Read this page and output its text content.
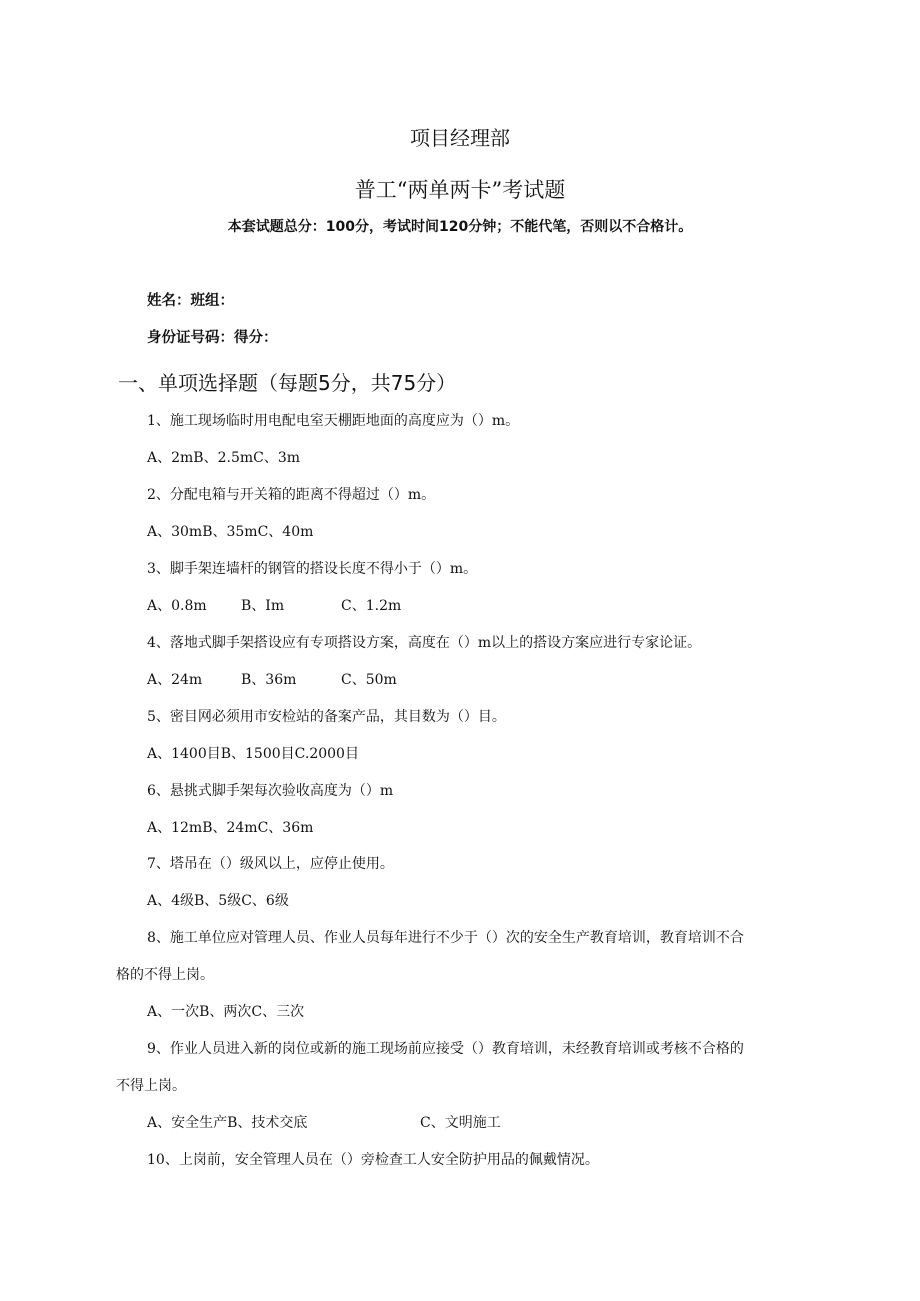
项目经理部
普工“两单两卡”考试题
本套试题总分：100分，考试时间120分钟；不能代笔，否则以不合格计。
姓名：班组：
身份证号码：得分：
一、单项选择题（每题5分，共75分）
1、施工现场临时用电配电室天棚距地面的高度应为（）m。
A、2mB、2.5mC、3m
2、分配电箱与开关箱的距离不得超过（）m。
A、30mB、35mC、40m
3、脚手架连墙杆的钢管的搭设长度不得小于（）m。
A、0.8m B、Im	C、1.2m
4、落地式脚手架搭设应有专项搭设方案，高度在（）m以上的搭设方案应进行专家论证。
A、24m	B、36m	C、50m
5、密目网必须用市安检站的备案产品，其目数为（）目。
A、1400目B、1500目C.2000目
6、悬挑式脚手架每次验收高度为（）m
A、12mB、24mC、36m
7、塔吊在（）级风以上，应停止使用。
A、4级B、5级C、6级
8、施工单位应对管理人员、作业人员每年进行不少于（）次的安全生产教育培训，教育培训不合
格的不得上岗。
A、一次B、两次C、三次
9、作业人员进入新的岗位或新的施工现场前应接受（）教育培训，未经教育培训或考核不合格的
不得上岗。
A、安全生产B、技术交底	C、文明施工
10、上岗前，安全管理人员在（）旁检查工人安全防护用品的佩戴情况。
